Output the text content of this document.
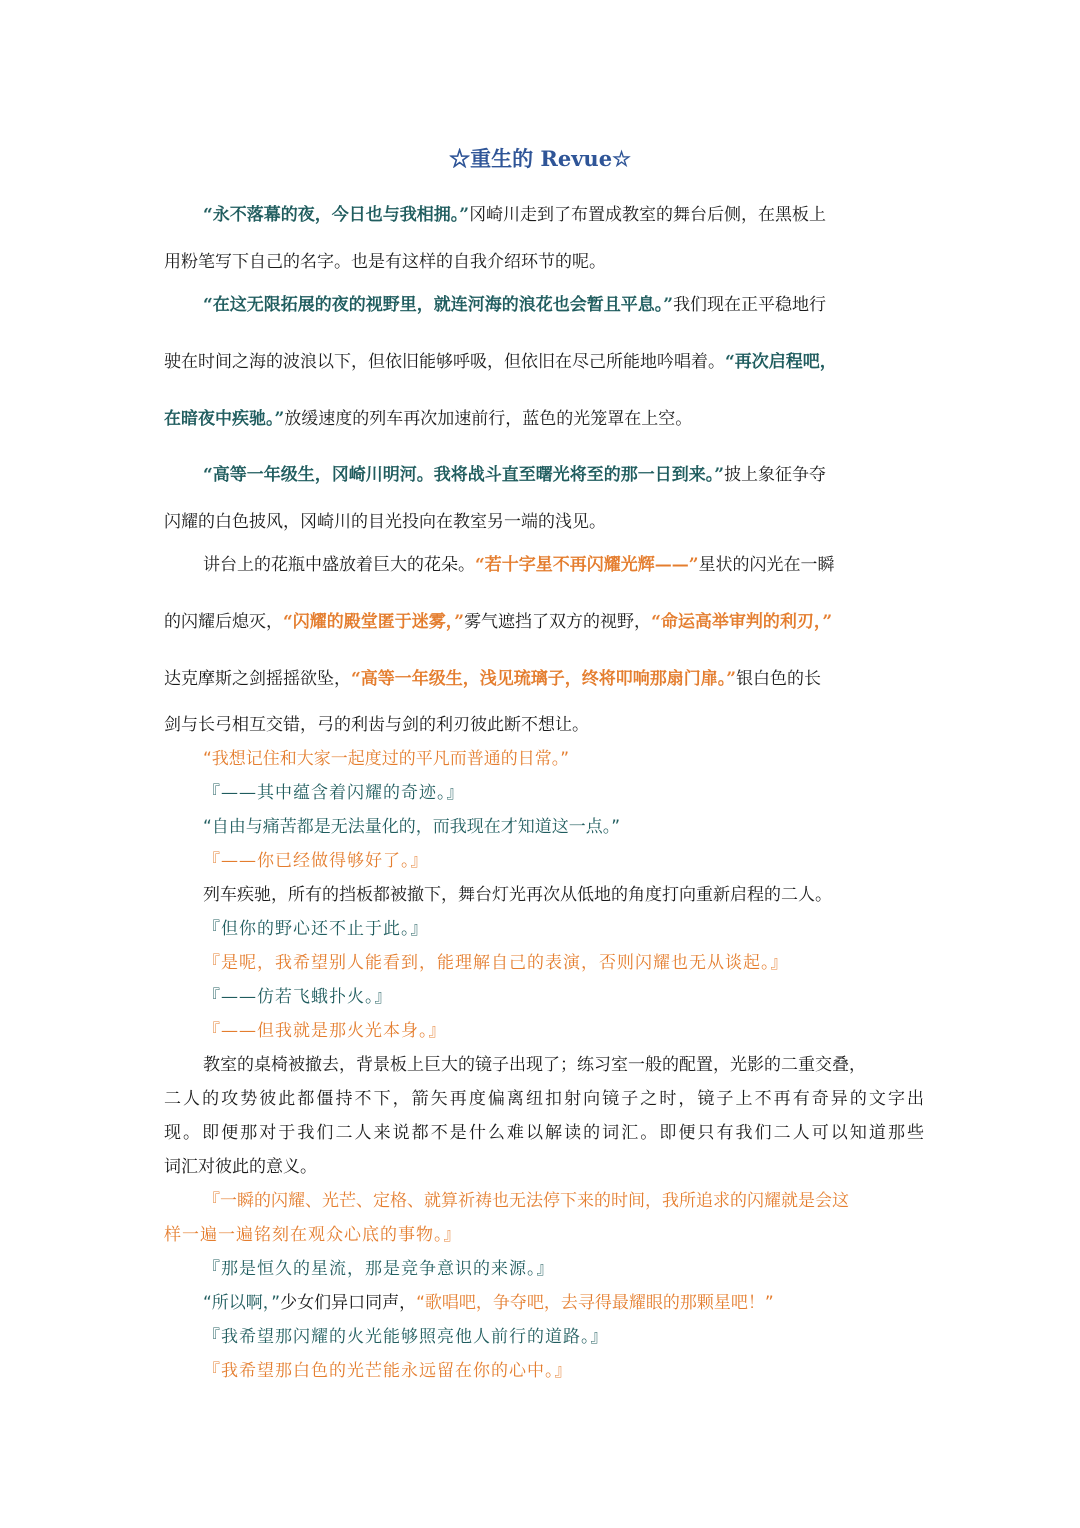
☆重生的 Revue☆
“永不落幕的夜，今日也与我相拥。”冈崎川走到了布置成教室的舞台后侧，在黑板上
用粉笔写下自己的名字。也是有这样的自我介绍环节的呢。
“在这无限拓展的夜的视野里，就连河海的浪花也会暂且平息。”我们现在正平稳地行
驶在时间之海的波浪以下，但依旧能够呼吸，但依旧在尽己所能地吟唱着。“再次启程吧，
在暗夜中疾驰。”放缓速度的列车再次加速前行，蓝色的光笼罩在上空。
“高等一年级生，冈崎川明河。我将战斗直至曙光将至的那一日到来。”披上象征争夺
闪耀的白色披风，冈崎川的目光投向在教室另一端的浅见。
讲台上的花瓶中盛放着巨大的花朵。“若十字星不再闪耀光辉——”星状的闪光在一瞬
的闪耀后熄灭，“闪耀的殿堂匿于迷雾，”雾气遮挡了双方的视野，“命运高举审判的利刃，”
达克摩斯之剑摇摇欲坠，“高等一年级生，浅见琉璃子，终将叩响那扇门扉。”银白色的长
剑与长弓相互交错，弓的利齿与剑的利刃彼此断不想让。
“我想记住和大家一起度过的平凡而普通的日常。”
『——其中蕴含着闪耀的奇迹。』
“自由与痛苦都是无法量化的，而我现在才知道这一点。”
『——你已经做得够好了。』
列车疾驰，所有的挡板都被撤下，舞台灯光再次从低地的角度打向重新启程的二人。
『但你的野心还不止于此。』
『是呢，我希望别人能看到，能理解自己的表演，否则闪耀也无从谈起。』
『——仿若飞蛾扑火。』
『——但我就是那火光本身。』
教室的桌椅被撤去，背景板上巨大的镜子出现了；练习室一般的配置，光影的二重交叠，
二人的攻势彼此都僵持不下，箭矢再度偏离纽扣射向镜子之时，镜子上不再有奇异的文字出
现。即便那对于我们二人来说都不是什么难以解读的词汇。即便只有我们二人可以知道那些
词汇对彼此的意义。
『一瞬的闪耀、光芒、定格、就算祈祷也无法停下来的时间，我所追求的闪耀就是会这
样一遍一遍铭刻在观众心底的事物。』
『那是恒久的星流，那是竞争意识的来源。』
“所以啊，”少女们异口同声，“歌唱吧，争夺吧，去寻得最耀眼的那颗星吧！”
『我希望那闪耀的火光能够照亮他人前行的道路。』
『我希望那白色的光芒能永远留在你的心中。』
